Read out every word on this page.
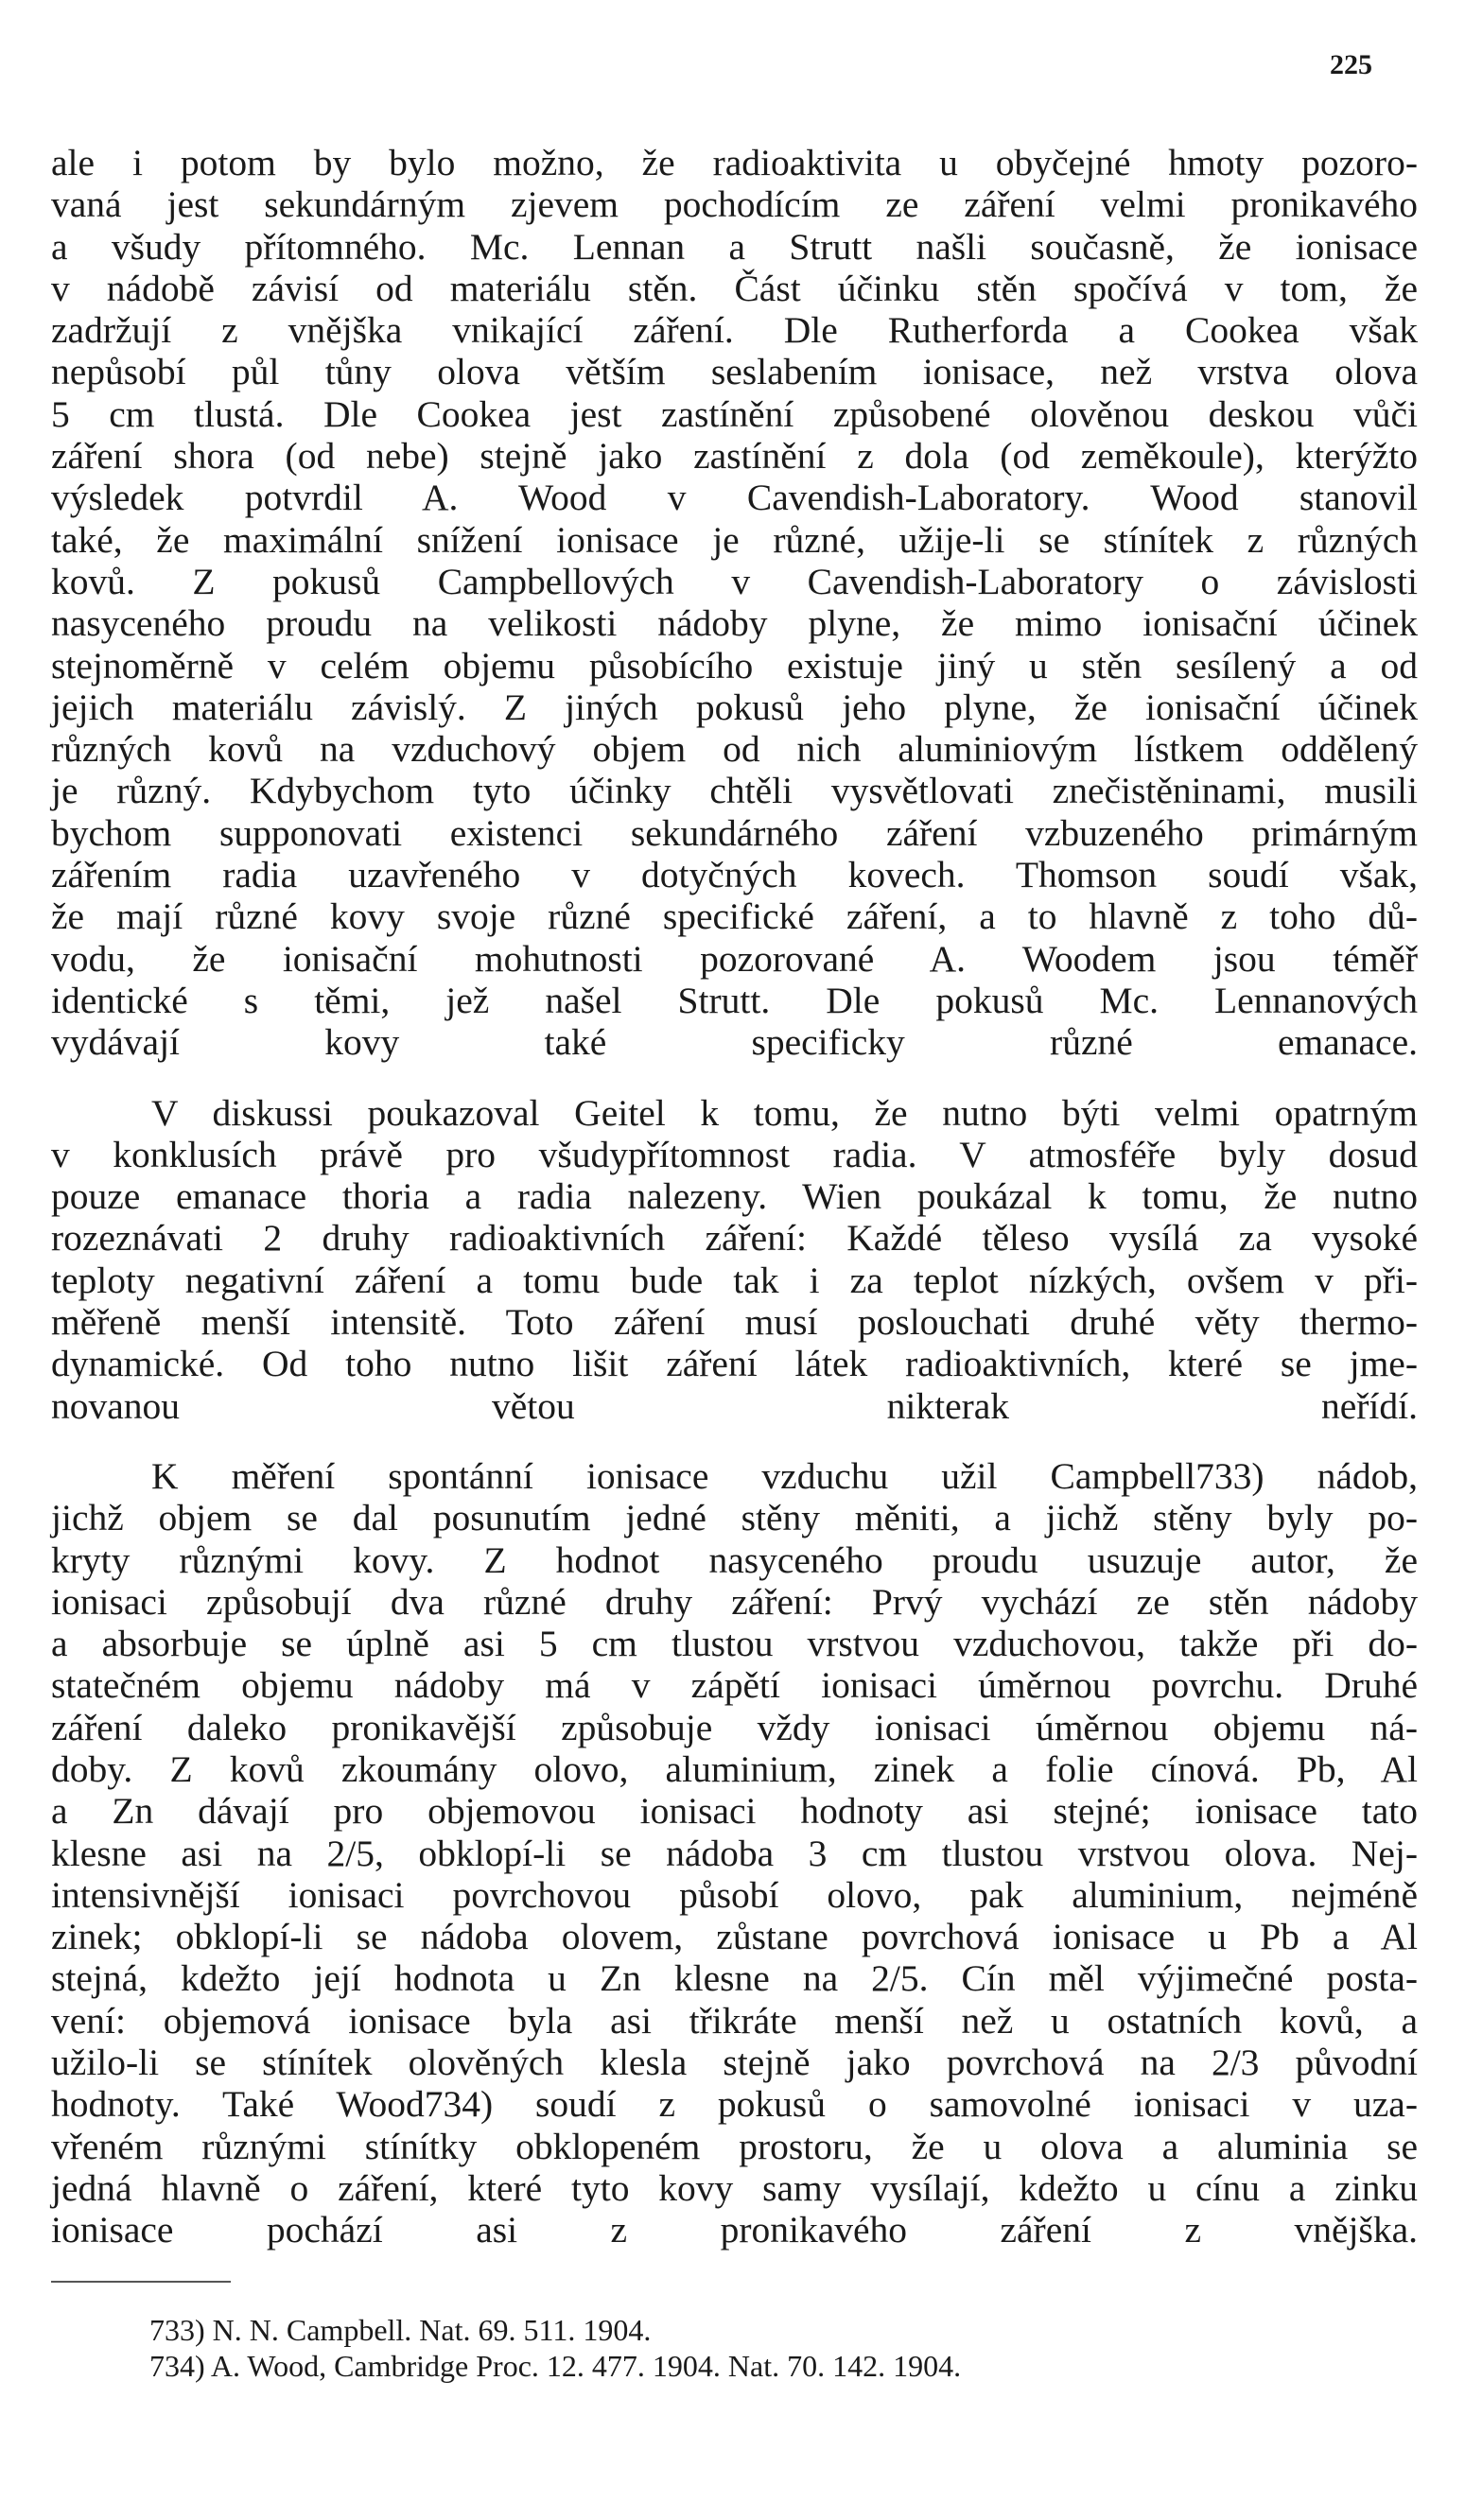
225

ale i potom by bylo možno, že radioaktivita u obyčejné hmoty pozoro-
vaná jest sekundárným zjevem pochodícím ze záření velmi pronikavého
a všudy přítomného. Mc. Lennan a Strutt našli současně, že ionisace
v nádobě závisí od materiálu stěn. Část účinku stěn spočívá v tom, že
zadržují z vnějška vnikající záření. Dle Rutherforda a Cookea však
nepůsobí půl tůny olova větším seslabením ionisace, než vrstva olova
5 cm tlustá. Dle Cookea jest zastínění způsobené olověnou deskou vůči
záření shora (od nebe) stejně jako zastínění z dola (od zeměkoule), kterýžto
výsledek potvrdil A. Wood v Cavendish-Laboratory. Wood stanovil
také, že maximální snížení ionisace je různé, užije-li se stínítek z různých
kovů. Z pokusů Campbellových v Cavendish-Laboratory o závislosti
nasyceného proudu na velikosti nádoby plyne, že mimo ionisační účinek
stejnoměrně v celém objemu působícího existuje jiný u stěn sesílený a od
jejich materiálu závislý. Z jiných pokusů jeho plyne, že ionisační účinek
různých kovů na vzduchový objem od nich aluminiovým lístkem oddělený
je různý. Kdybychom tyto účinky chtěli vysvětlovati znečistěninami, musili
bychom supponovati existenci sekundárného záření vzbuzeného primárným
zářením radia uzavřeného v dotyčných kovech. Thomson soudí však,
že mají různé kovy svoje různé specifické záření, a to hlavně z toho dů-
vodu, že ionisační mohutnosti pozorované A. Woodem jsou téměř
identické s těmi, jež našel Strutt. Dle pokusů Mc. Lennanových
vydávají kovy také specificky různé emanace.

V diskussi poukazoval Geitel k tomu, že nutno býti velmi opatrným
v konklusích právě pro všudypřítomnost radia. V atmosféře byly dosud
pouze emanace thoria a radia nalezeny. Wien poukázal k tomu, že nutno
rozeznávati 2 druhy radioaktivních záření: Každé těleso vysílá za vysoké
teploty negativní záření a tomu bude tak i za teplot nízkých, ovšem v při-
měřeně menší intensitě. Toto záření musí poslouchati druhé věty thermo-
dynamické. Od toho nutno lišit záření látek radioaktivních, které se jme-
novanou větou nikterak neřídí.

K měření spontánní ionisace vzduchu užil Campbell733) nádob,
jichž objem se dal posunutím jedné stěny měniti, a jichž stěny byly po-
kryty různými kovy. Z hodnot nasyceného proudu usuzuje autor, že
ionisaci způsobují dva různé druhy záření: Prvý vychází ze stěn nádoby
a absorbuje se úplně asi 5 cm tlustou vrstvou vzduchovou, takže při do-
statečném objemu nádoby má v zápětí ionisaci úměrnou povrchu. Druhé
záření daleko pronikavější způsobuje vždy ionisaci úměrnou objemu ná-
doby. Z kovů zkoumány olovo, aluminium, zinek a folie cínová. Pb, Al
a Zn dávají pro objemovou ionisaci hodnoty asi stejné; ionisace tato
klesne asi na 2/5, obklopí-li se nádoba 3 cm tlustou vrstvou olova. Nej-
intensivnější ionisaci povrchovou působí olovo, pak aluminium, nejméně
zinek; obklopí-li se nádoba olovem, zůstane povrchová ionisace u Pb a Al
stejná, kdežto její hodnota u Zn klesne na 2/5. Cín měl výjimečné posta-
vení: objemová ionisace byla asi třikráte menší než u ostatních kovů, a
užilo-li se stínítek olověných klesla stejně jako povrchová na 2/3 původní
hodnoty. Také Wood734) soudí z pokusů o samovolné ionisaci v uza-
vřeném různými stínítky obklopeném prostoru, že u olova a aluminia se
jedná hlavně o záření, které tyto kovy samy vysílají, kdežto u cínu a zinku
ionisace pochází asi z pronikavého záření z vnějška.

733) N. N. Campbell. Nat. 69. 511. 1904.
734) A. Wood, Cambridge Proc. 12. 477. 1904. Nat. 70. 142. 1904.
